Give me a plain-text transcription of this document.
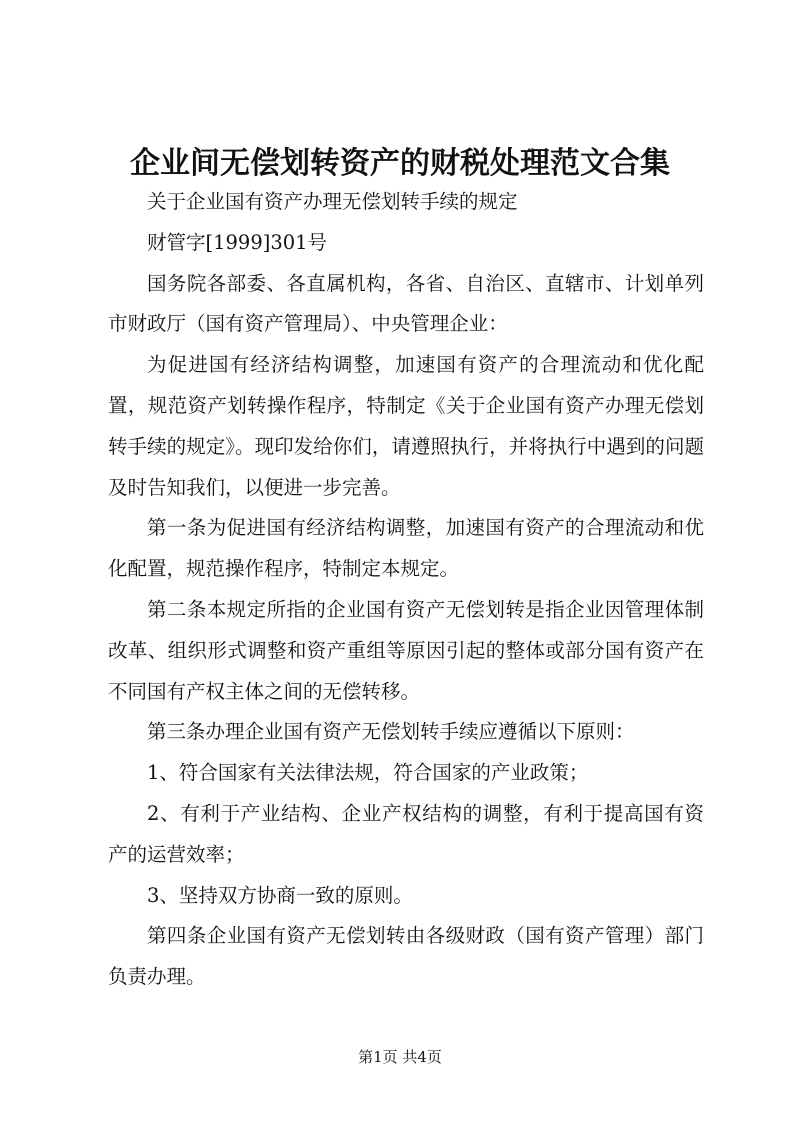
企业间无偿划转资产的财税处理范文合集

关于企业国有资产办理无偿划转手续的规定

财管字[1999]301号

国务院各部委、各直属机构，各省、自治区、直辖市、计划单列市财政厅（国有资产管理局）、中央管理企业：

为促进国有经济结构调整，加速国有资产的合理流动和优化配置，规范资产划转操作程序，特制定《关于企业国有资产办理无偿划转手续的规定》。现印发给你们，请遵照执行，并将执行中遇到的问题及时告知我们，以便进一步完善。

第一条为促进国有经济结构调整，加速国有资产的合理流动和优化配置，规范操作程序，特制定本规定。

第二条本规定所指的企业国有资产无偿划转是指企业因管理体制改革、组织形式调整和资产重组等原因引起的整体或部分国有资产在不同国有产权主体之间的无偿转移。

第三条办理企业国有资产无偿划转手续应遵循以下原则：

1、符合国家有关法律法规，符合国家的产业政策；

2、有利于产业结构、企业产权结构的调整，有利于提高国有资产的运营效率；

3、坚持双方协商一致的原则。

第四条企业国有资产无偿划转由各级财政（国有资产管理）部门负责办理。

第1页 共4页
